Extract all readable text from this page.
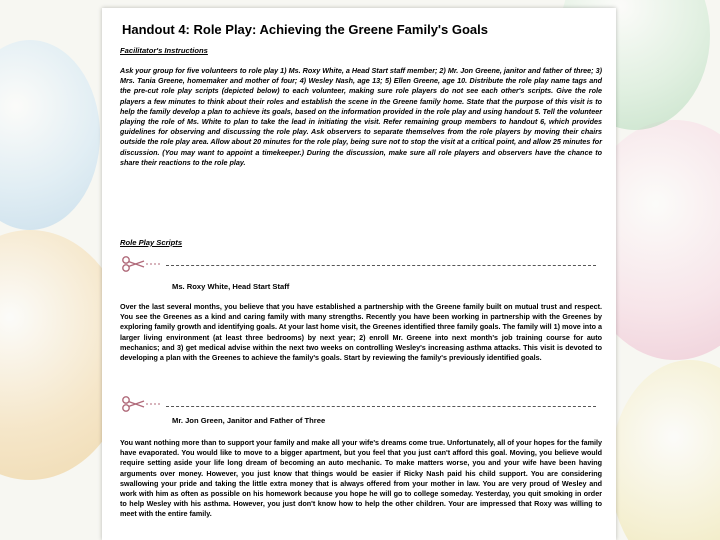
Handout 4: Role Play: Achieving the Greene Family's Goals
Facilitator's Instructions

Ask your group for five volunteers to role play 1) Ms. Roxy White, a Head Start staff member; 2) Mr. Jon Greene, janitor and father of three; 3) Mrs. Tania Greene, homemaker and mother of four; 4) Wesley Nash, age 13; 5) Ellen Greene, age 10. Distribute the role play name tags and the pre-cut role play scripts (depicted below) to each volunteer, making sure role players do not see each other's scripts. Give the role players a few minutes to think about their roles and establish the scene in the Greene family home. State that the purpose of this visit is to help the family develop a plan to achieve its goals, based on the information provided in the role play and using handout 5. Tell the volunteer playing the role of Ms. White to plan to take the lead in initiating the visit. Refer remaining group members to handout 6, which provides guidelines for observing and discussing the role play. Ask observers to separate themselves from the role players by moving their chairs outside the role play area. Allow about 20 minutes for the role play, being sure not to stop the visit at a critical point, and allow 25 minutes for discussion. (You may want to appoint a timekeeper.) During the discussion, make sure all role players and observers have the chance to share their reactions to the role play.

Role Play Scripts
Ms. Roxy White, Head Start Staff

Over the last several months, you believe that you have established a partnership with the Greene family built on mutual trust and respect. You see the Greenes as a kind and caring family with many strengths. Recently you have been working in partnership with the Greenes by exploring family growth and identifying goals. At your last home visit, the Greenes identified three family goals. The family will 1) move into a larger living environment (at least three bedrooms) by next year; 2) enroll Mr. Greene into next month's job training course for auto mechanics; and 3) get medical advise within the next two weeks on controlling Wesley's increasing asthma attacks. This visit is devoted to developing a plan with the Greenes to achieve the family's goals. Start by reviewing the family's previously identified goals.

Mr. Jon Green, Janitor and Father of Three

You want nothing more than to support your family and make all your wife's dreams come true. Unfortunately, all of your hopes for the family have evaporated. You would like to move to a bigger apartment, but you feel that you just can't afford this goal. Moving, you believe would require setting aside your life long dream of becoming an auto mechanic. To make matters worse, you and your wife have been having arguments over money. However, you just know that things would be easier if Ricky Nash paid his child support. You are considering swallowing your pride and taking the little extra money that is always offered from your mother in law. You are very proud of Wesley and work with him as often as possible on his homework because you hope he will go to college someday. Yesterday, you quit smoking in order to help Wesley with his asthma. However, you just don't know how to help the other children. Your are impressed that Roxy was willing to meet with the entire family.
